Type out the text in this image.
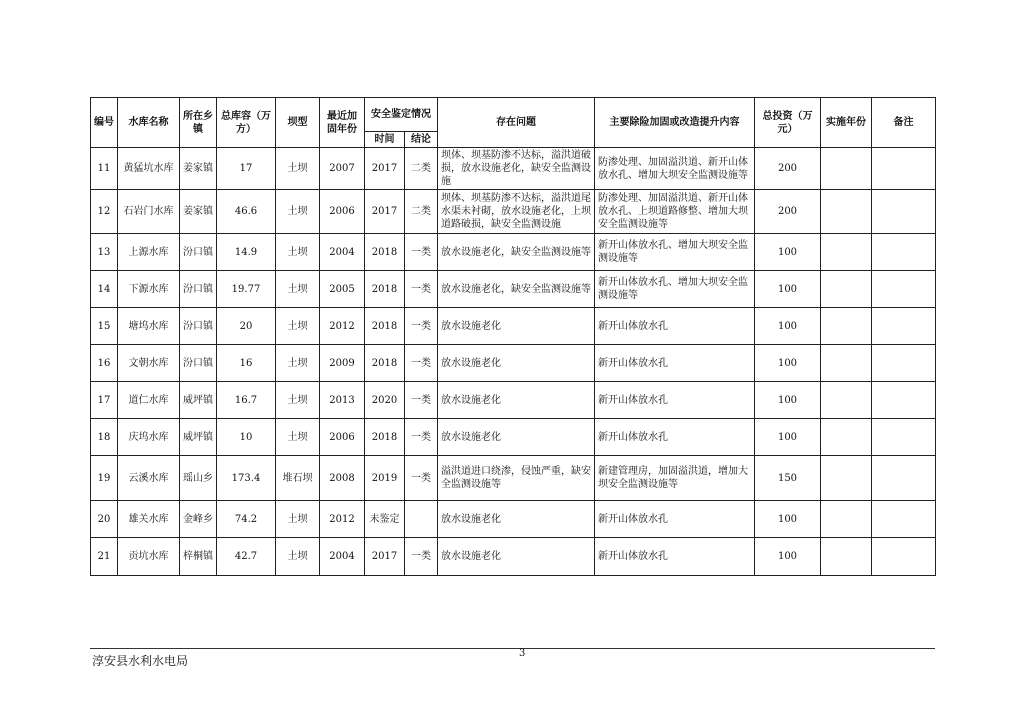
编号	水库名称	所在乡镇	总库容（万方）	坝型	最近加固年份	安全鉴定情况		存在问题	主要除险加固或改造提升内容	总投资（万元）	实施年份	备注
						时间	结论					
11	黄猛坑水库	姜家镇	17	土坝	2007	2017	二类	坝体、坝基防渗不达标，溢洪道破损，放水设施老化，缺安全监测设施	防渗处理、加固溢洪道、新开山体放水孔、增加大坝安全监测设施等	200		
12	石岩门水库	姜家镇	46.6	土坝	2006	2017	二类	坝体、坝基防渗不达标，溢洪道尾水渠未衬砌，放水设施老化，上坝道路破损，缺安全监测设施	防渗处理、加固溢洪道、新开山体放水孔、上坝道路修整、增加大坝安全监测设施等	200		
13	上源水库	汾口镇	14.9	土坝	2004	2018	一类	放水设施老化，缺安全监测设施等	新开山体放水孔、增加大坝安全监测设施等	100		
14	下源水库	汾口镇	19.77	土坝	2005	2018	一类	放水设施老化，缺安全监测设施等	新开山体放水孔、增加大坝安全监测设施等	100		
15	塘坞水库	汾口镇	20	土坝	2012	2018	一类	放水设施老化	新开山体放水孔	100		
16	文朝水库	汾口镇	16	土坝	2009	2018	一类	放水设施老化	新开山体放水孔	100		
17	道仁水库	威坪镇	16.7	土坝	2013	2020	一类	放水设施老化	新开山体放水孔	100		
18	庆坞水库	威坪镇	10	土坝	2006	2018	一类	放水设施老化	新开山体放水孔	100		
19	云溪水库	瑶山乡	173.4	堆石坝	2008	2019	一类	溢洪道进口绕渗，侵蚀严重，缺安全监测设施等	新建管理房，加固溢洪道，增加大坝安全监测设施等	150		
20	雄关水库	金峰乡	74.2	土坝	2012	未鉴定		放水设施老化	新开山体放水孔	100		
21	贡坑水库	梓桐镇	42.7	土坝	2004	2017	一类	放水设施老化	新开山体放水孔	100		
淳安县水利水电局
3
